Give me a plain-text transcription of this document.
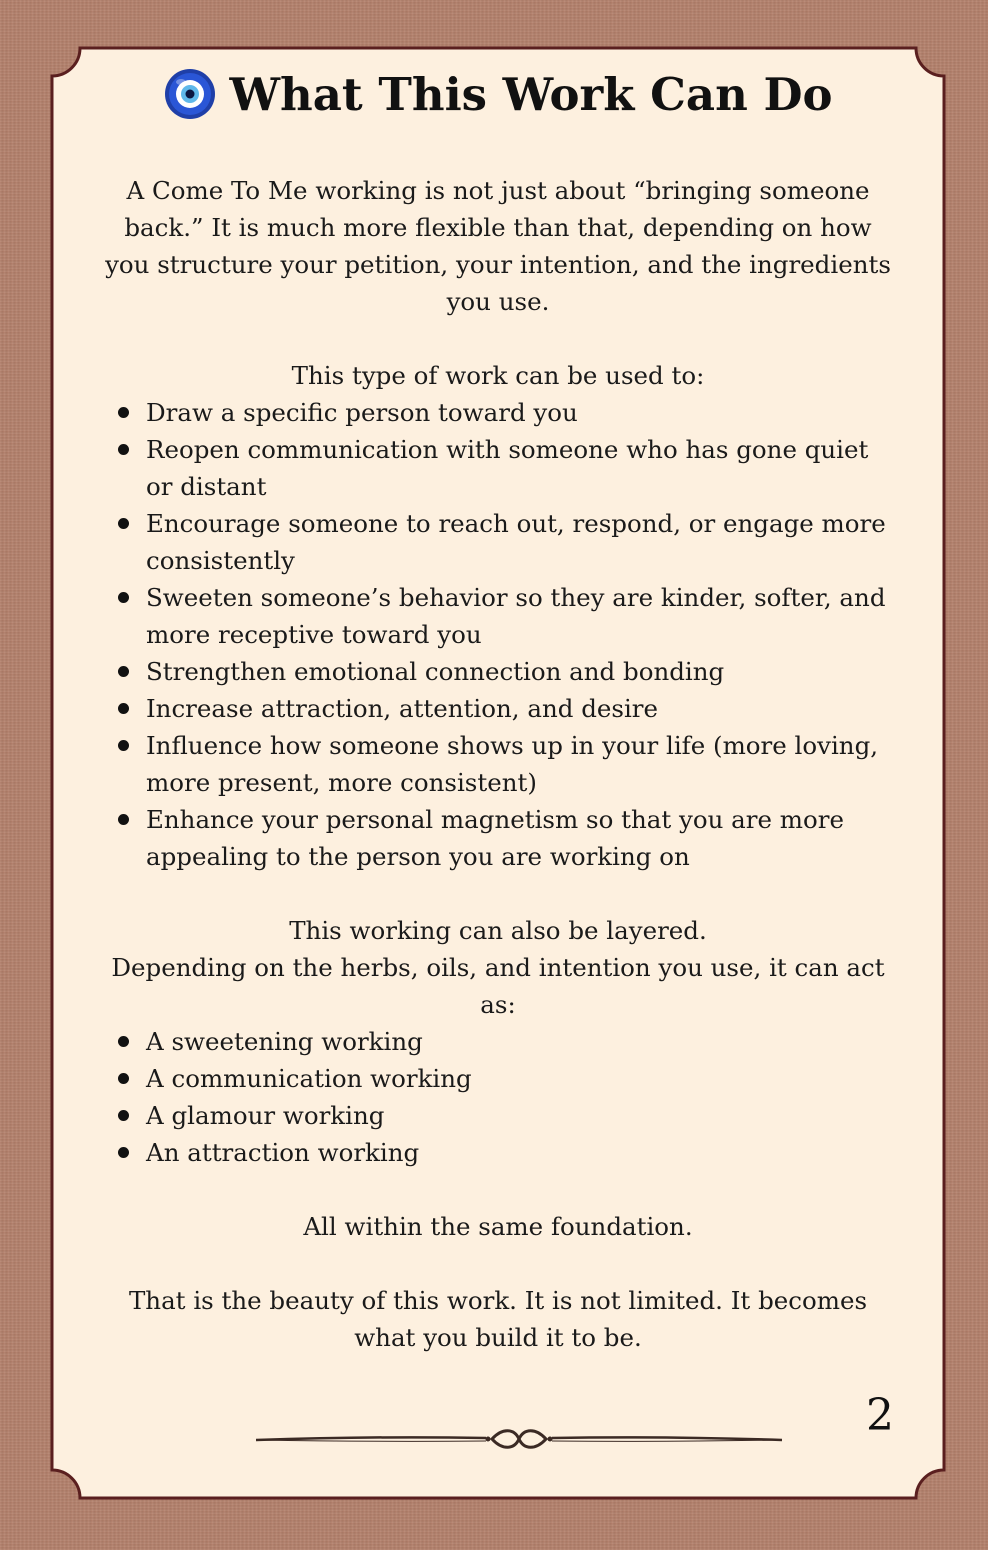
What This Work Can Do

A Come To Me working is not just about “bringing someone back.” It is much more flexible than that, depending on how you structure your petition, your intention, and the ingredients you use.

This type of work can be used to:

Draw a specific person toward you
Reopen communication with someone who has gone quiet or distant
Encourage someone to reach out, respond, or engage more consistently
Sweeten someone’s behavior so they are kinder, softer, and more receptive toward you
Strengthen emotional connection and bonding
Increase attraction, attention, and desire
Influence how someone shows up in your life (more loving, more present, more consistent)
Enhance your personal magnetism so that you are more appealing to the person you are working on

This working can also be layered.
Depending on the herbs, oils, and intention you use, it can act as:

A sweetening working
A communication working
A glamour working
An attraction working

All within the same foundation.

That is the beauty of this work. It is not limited. It becomes what you build it to be.

2
